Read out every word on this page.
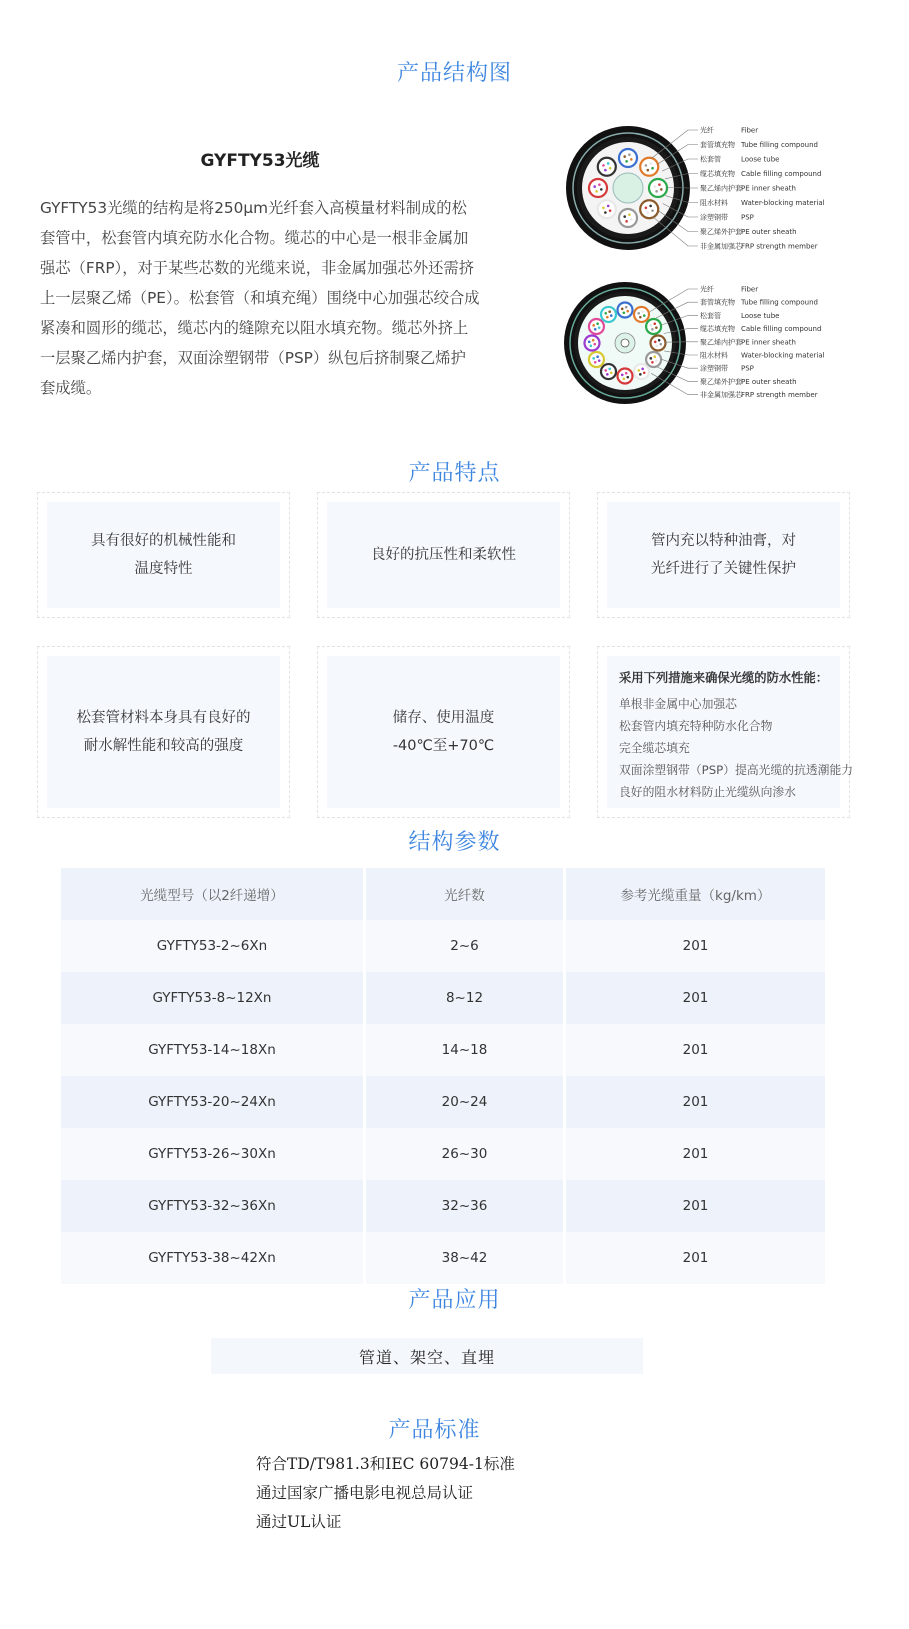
产品结构图
GYFTY53光缆
GYFTY53光缆的结构是将250μm光纤套入高模量材料制成的松套管中，松套管内填充防水化合物。缆芯的中心是一根非金属加强芯（FRP），对于某些芯数的光缆来说，非金属加强芯外还需挤上一层聚乙烯（PE）。松套管（和填充绳）围绕中心加强芯绞合成紧凑和圆形的缆芯，缆芯内的缝隙充以阻水填充物。缆芯外挤上一层聚乙烯内护套，双面涂塑钢带（PSP）纵包后挤制聚乙烯护套成缆。
光纤	Fiber
套管填充物 Tube filling compound
松套管	Loose tube
缆芯填充物 Cable filling compound
聚乙烯内护套 PE inner sheath
阻水材料 Water-blocking material
涂塑钢带 PSP
聚乙烯外护套 PE outer sheath
非金属加强芯 FRP strength member
光纤	Fiber
套管填充物 Tube filling compound
松套管	Loose tube
缆芯填充物 Cable filling compound
聚乙烯内护套 PE inner sheath
阻水材料 Water-blocking material
涂塑钢带 PSP
聚乙烯外护套 PE outer sheath
非金属加强芯 FRP strength member
产品特点
具有很好的机械性能和
温度特性
良好的抗压性和柔软性
管内充以特种油膏，对
光纤进行了关键性保护
松套管材料本身具有良好的
耐水解性能和较高的强度
储存、使用温度
-40℃至+70℃
采用下列措施来确保光缆的防水性能：
单根非金属中心加强芯
松套管内填充特种防水化合物
完全缆芯填充
双面涂塑钢带（PSP）提高光缆的抗透潮能力
良好的阻水材料防止光缆纵向渗水
结构参数
光缆型号（以2纤递增）	光纤数	参考光缆重量（kg/km）
GYFTY53-2~6Xn	2~6	201
GYFTY53-8~12Xn	8~12	201
GYFTY53-14~18Xn	14~18	201
GYFTY53-20~24Xn	20~24	201
GYFTY53-26~30Xn	26~30	201
GYFTY53-32~36Xn	32~36	201
GYFTY53-38~42Xn	38~42	201
产品应用
管道、架空、直埋
产品标准
符合TD/T981.3和IEC 60794-1标准
通过国家广播电影电视总局认证
通过UL认证
